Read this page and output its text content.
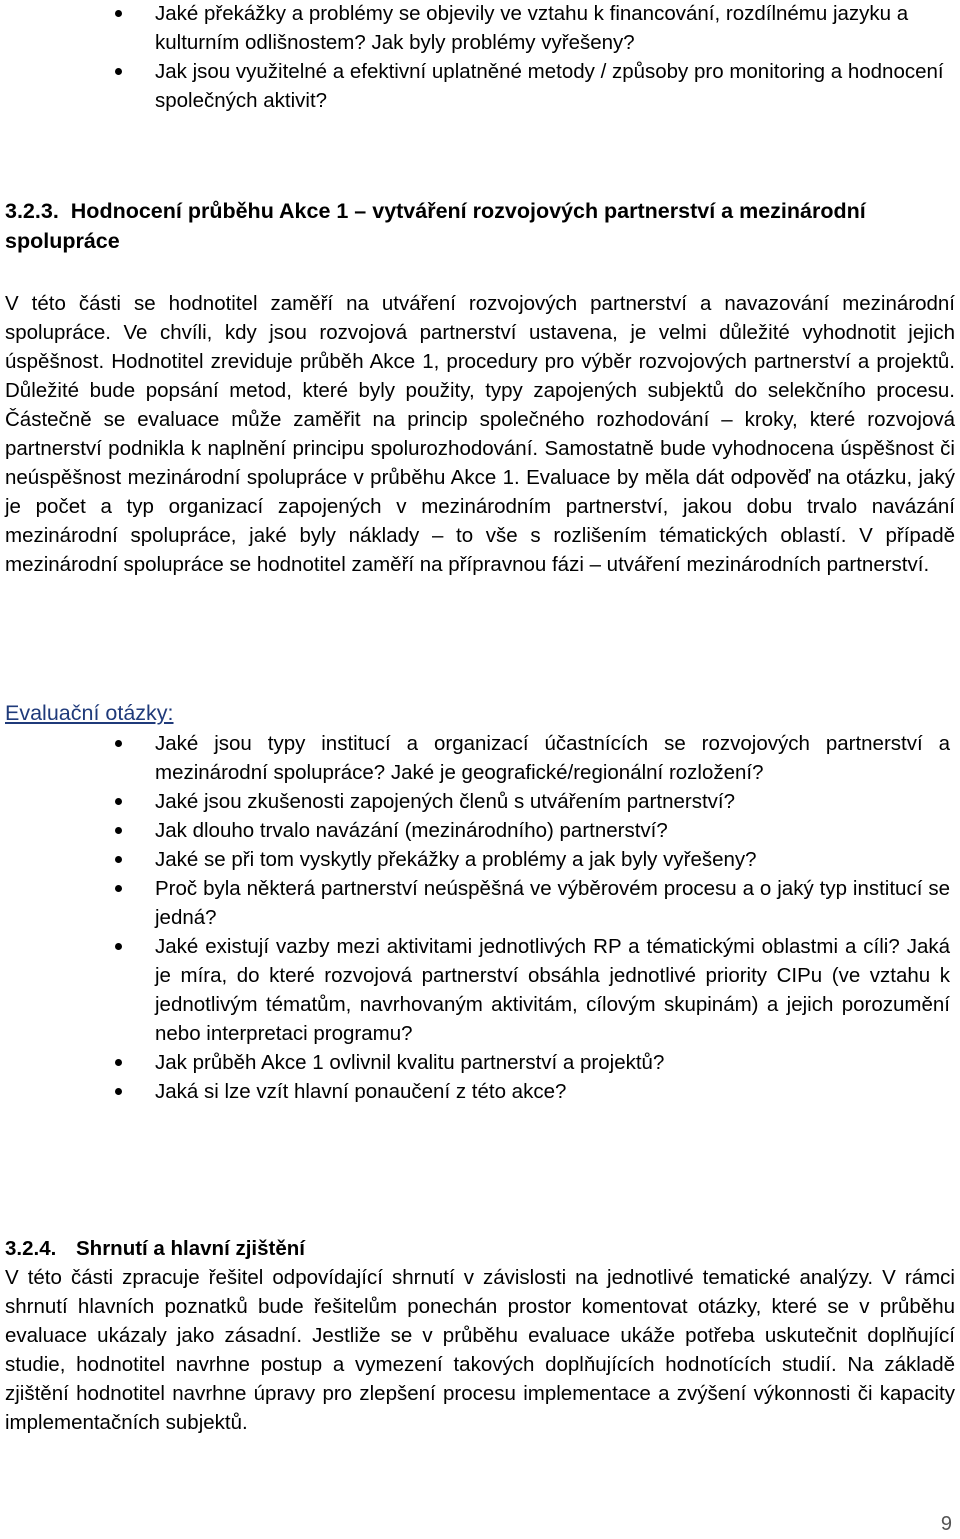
Jaké překážky a problémy se objevily ve vztahu k financování, rozdílnému jazyku a kulturním odlišnostem? Jak byly problémy vyřešeny?
Jak jsou využitelné a efektivní uplatněné metody / způsoby pro monitoring a hodnocení společných aktivit?
3.2.3. Hodnocení průběhu Akce 1 – vytváření rozvojových partnerství a mezinárodní spolupráce

V této části se hodnotitel zaměří na utváření rozvojových partnerství a navazování mezinárodní spolupráce. Ve chvíli, kdy jsou rozvojová partnerství ustavena, je velmi důležité vyhodnotit jejich úspěšnost. Hodnotitel zreviduje průběh Akce 1, procedury pro výběr rozvojových partnerství a projektů. Důležité bude popsání metod, které byly použity, typy zapojených subjektů do selekčního procesu. Částečně se evaluace může zaměřit na princip společného rozhodování – kroky, které rozvojová partnerství podnikla k naplnění principu spolurozhodování. Samostatně bude vyhodnocena úspěšnost či neúspěšnost mezinárodní spolupráce v průběhu Akce 1. Evaluace by měla dát odpověď na otázku, jaký je počet a typ organizací zapojených v mezinárodním partnerství, jakou dobu trvalo navázání mezinárodní spolupráce, jaké byly náklady – to vše s rozlišením tématických oblastí. V případě mezinárodní spolupráce se hodnotitel zaměří na přípravnou fázi – utváření mezinárodních partnerství.

Evaluační otázky:
Jaké jsou typy institucí a organizací účastnících se rozvojových partnerství a mezinárodní spolupráce? Jaké je geografické/regionální rozložení?
Jaké jsou zkušenosti zapojených členů s utvářením partnerství?
Jak dlouho trvalo navázání (mezinárodního) partnerství?
Jaké se při tom vyskytly překážky a problémy a jak byly vyřešeny?
Proč byla některá partnerství neúspěšná ve výběrovém procesu a o jaký typ institucí se jedná?
Jaké existují vazby mezi aktivitami jednotlivých RP a tématickými oblastmi a cíli? Jaká je míra, do které rozvojová partnerství obsáhla jednotlivé priority CIPu (ve vztahu k jednotlivým tématům, navrhovaným aktivitám, cílovým skupinám) a jejich porozumění nebo interpretaci programu?
Jak průběh Akce 1 ovlivnil kvalitu partnerství a projektů?
Jaká si lze vzít hlavní ponaučení z této akce?
3.2.4. Shrnutí a hlavní zjištění

V této části zpracuje řešitel odpovídající shrnutí v závislosti na jednotlivé tematické analýzy. V rámci shrnutí hlavních poznatků bude řešitelům ponechán prostor komentovat otázky, které se v průběhu evaluace ukázaly jako zásadní. Jestliže se v průběhu evaluace ukáže potřeba uskutečnit doplňující studie, hodnotitel navrhne postup a vymezení takových doplňujících hodnotících studií. Na základě zjištění hodnotitel navrhne úpravy pro zlepšení procesu implementace a zvýšení výkonnosti či kapacity implementačních subjektů.

9
